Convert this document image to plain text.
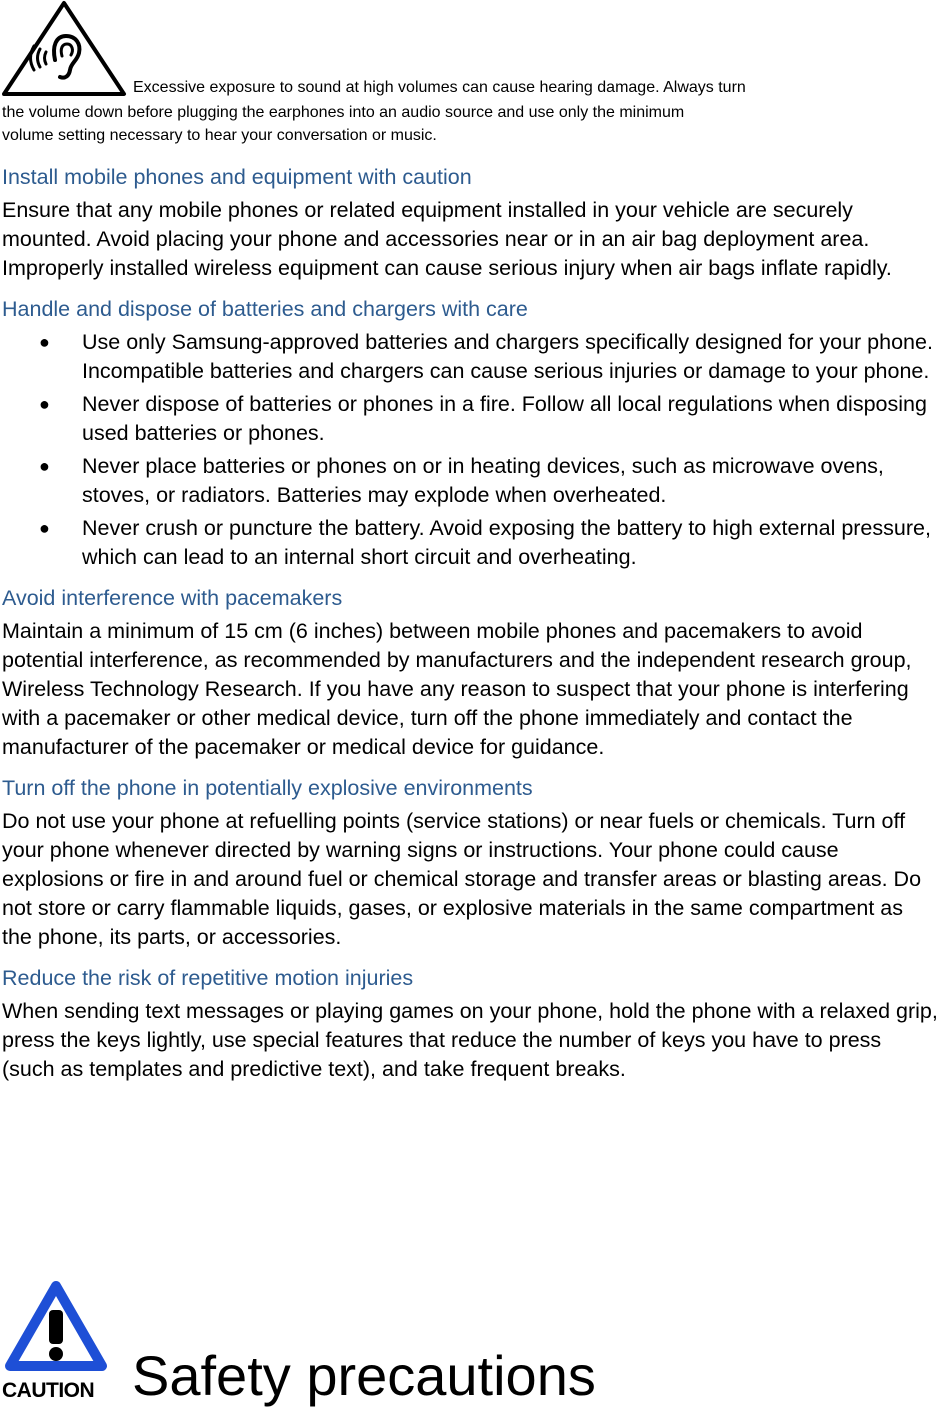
Excessive exposure to sound at high volumes can cause hearing damage. Always turn
the volume down before plugging the earphones into an audio source and use only the minimum
volume setting necessary to hear your conversation or music.
Install mobile phones and equipment with caution

Ensure that any mobile phones or related equipment installed in your vehicle are securely mounted. Avoid placing your phone and accessories near or in an air bag deployment area. Improperly installed wireless equipment can cause serious injury when air bags inflate rapidly.

Handle and dispose of batteries and chargers with care
● Use only Samsung-approved batteries and chargers specifically designed for your phone. Incompatible batteries and chargers can cause serious injuries or damage to your phone.
● Never dispose of batteries or phones in a fire. Follow all local regulations when disposing used batteries or phones.
● Never place batteries or phones on or in heating devices, such as microwave ovens, stoves, or radiators. Batteries may explode when overheated.
● Never crush or puncture the battery. Avoid exposing the battery to high external pressure, which can lead to an internal short circuit and overheating.
Avoid interference with pacemakers

Maintain a minimum of 15 cm (6 inches) between mobile phones and pacemakers to avoid potential interference, as recommended by manufacturers and the independent research group, Wireless Technology Research. If you have any reason to suspect that your phone is interfering with a pacemaker or other medical device, turn off the phone immediately and contact the manufacturer of the pacemaker or medical device for guidance.

Turn off the phone in potentially explosive environments

Do not use your phone at refuelling points (service stations) or near fuels or chemicals. Turn off your phone whenever directed by warning signs or instructions. Your phone could cause explosions or fire in and around fuel or chemical storage and transfer areas or blasting areas. Do not store or carry flammable liquids, gases, or explosive materials in the same compartment as the phone, its parts, or accessories.

Reduce the risk of repetitive motion injuries

When sending text messages or playing games on your phone, hold the phone with a relaxed grip, press the keys lightly, use special features that reduce the number of keys you have to press (such as templates and predictive text), and take frequent breaks.

CAUTION Safety precautions
